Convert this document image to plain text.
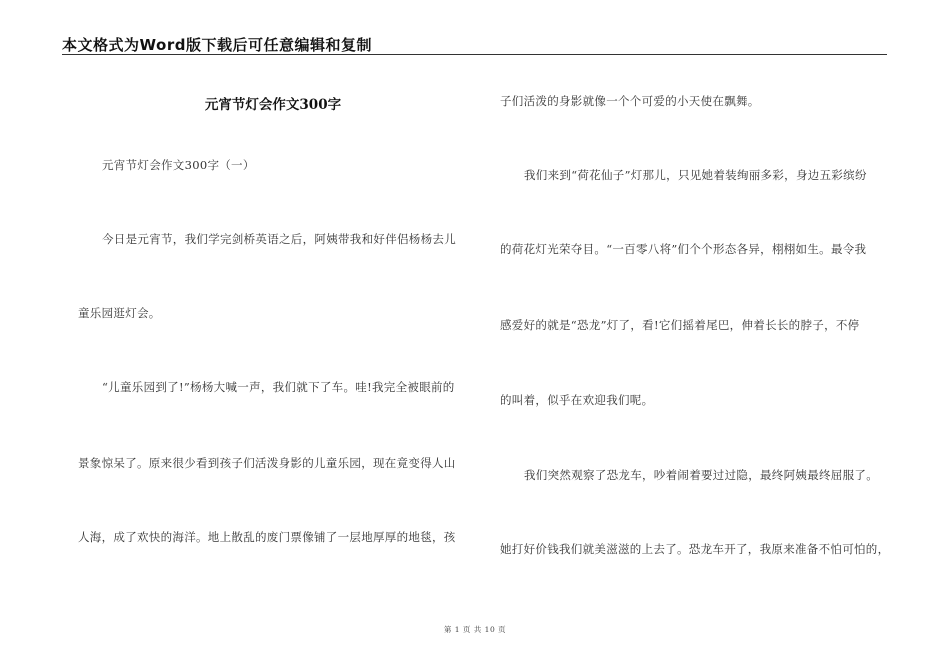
本文格式为Word版下载后可任意编辑和复制
元宵节灯会作文300字
元宵节灯会作文300字（一）
今日是元宵节，我们学完剑桥英语之后，阿姨带我和好伴侣杨杨去儿
童乐园逛灯会。
“儿童乐园到了!”杨杨大喊一声，我们就下了车。哇!我完全被眼前的
景象惊呆了。原来很少看到孩子们活泼身影的儿童乐园，现在竟变得人山
人海，成了欢快的海洋。地上散乱的废门票像铺了一层地厚厚的地毯，孩
子们活泼的身影就像一个个可爱的小天使在飘舞。
我们来到“荷花仙子”灯那儿，只见她着装绚丽多彩，身边五彩缤纷
的荷花灯光荣夺目。“一百零八将”们个个形态各异，栩栩如生。最令我
感爱好的就是“恐龙”灯了，看!它们摇着尾巴，伸着长长的脖子，不停
的叫着，似乎在欢迎我们呢。
我们突然观察了恐龙车，吵着闹着要过过隐，最终阿姨最终屈服了。
她打好价钱我们就美滋滋的上去了。恐龙车开了，我原来准备不怕可怕的，
第 1 页 共 10 页
